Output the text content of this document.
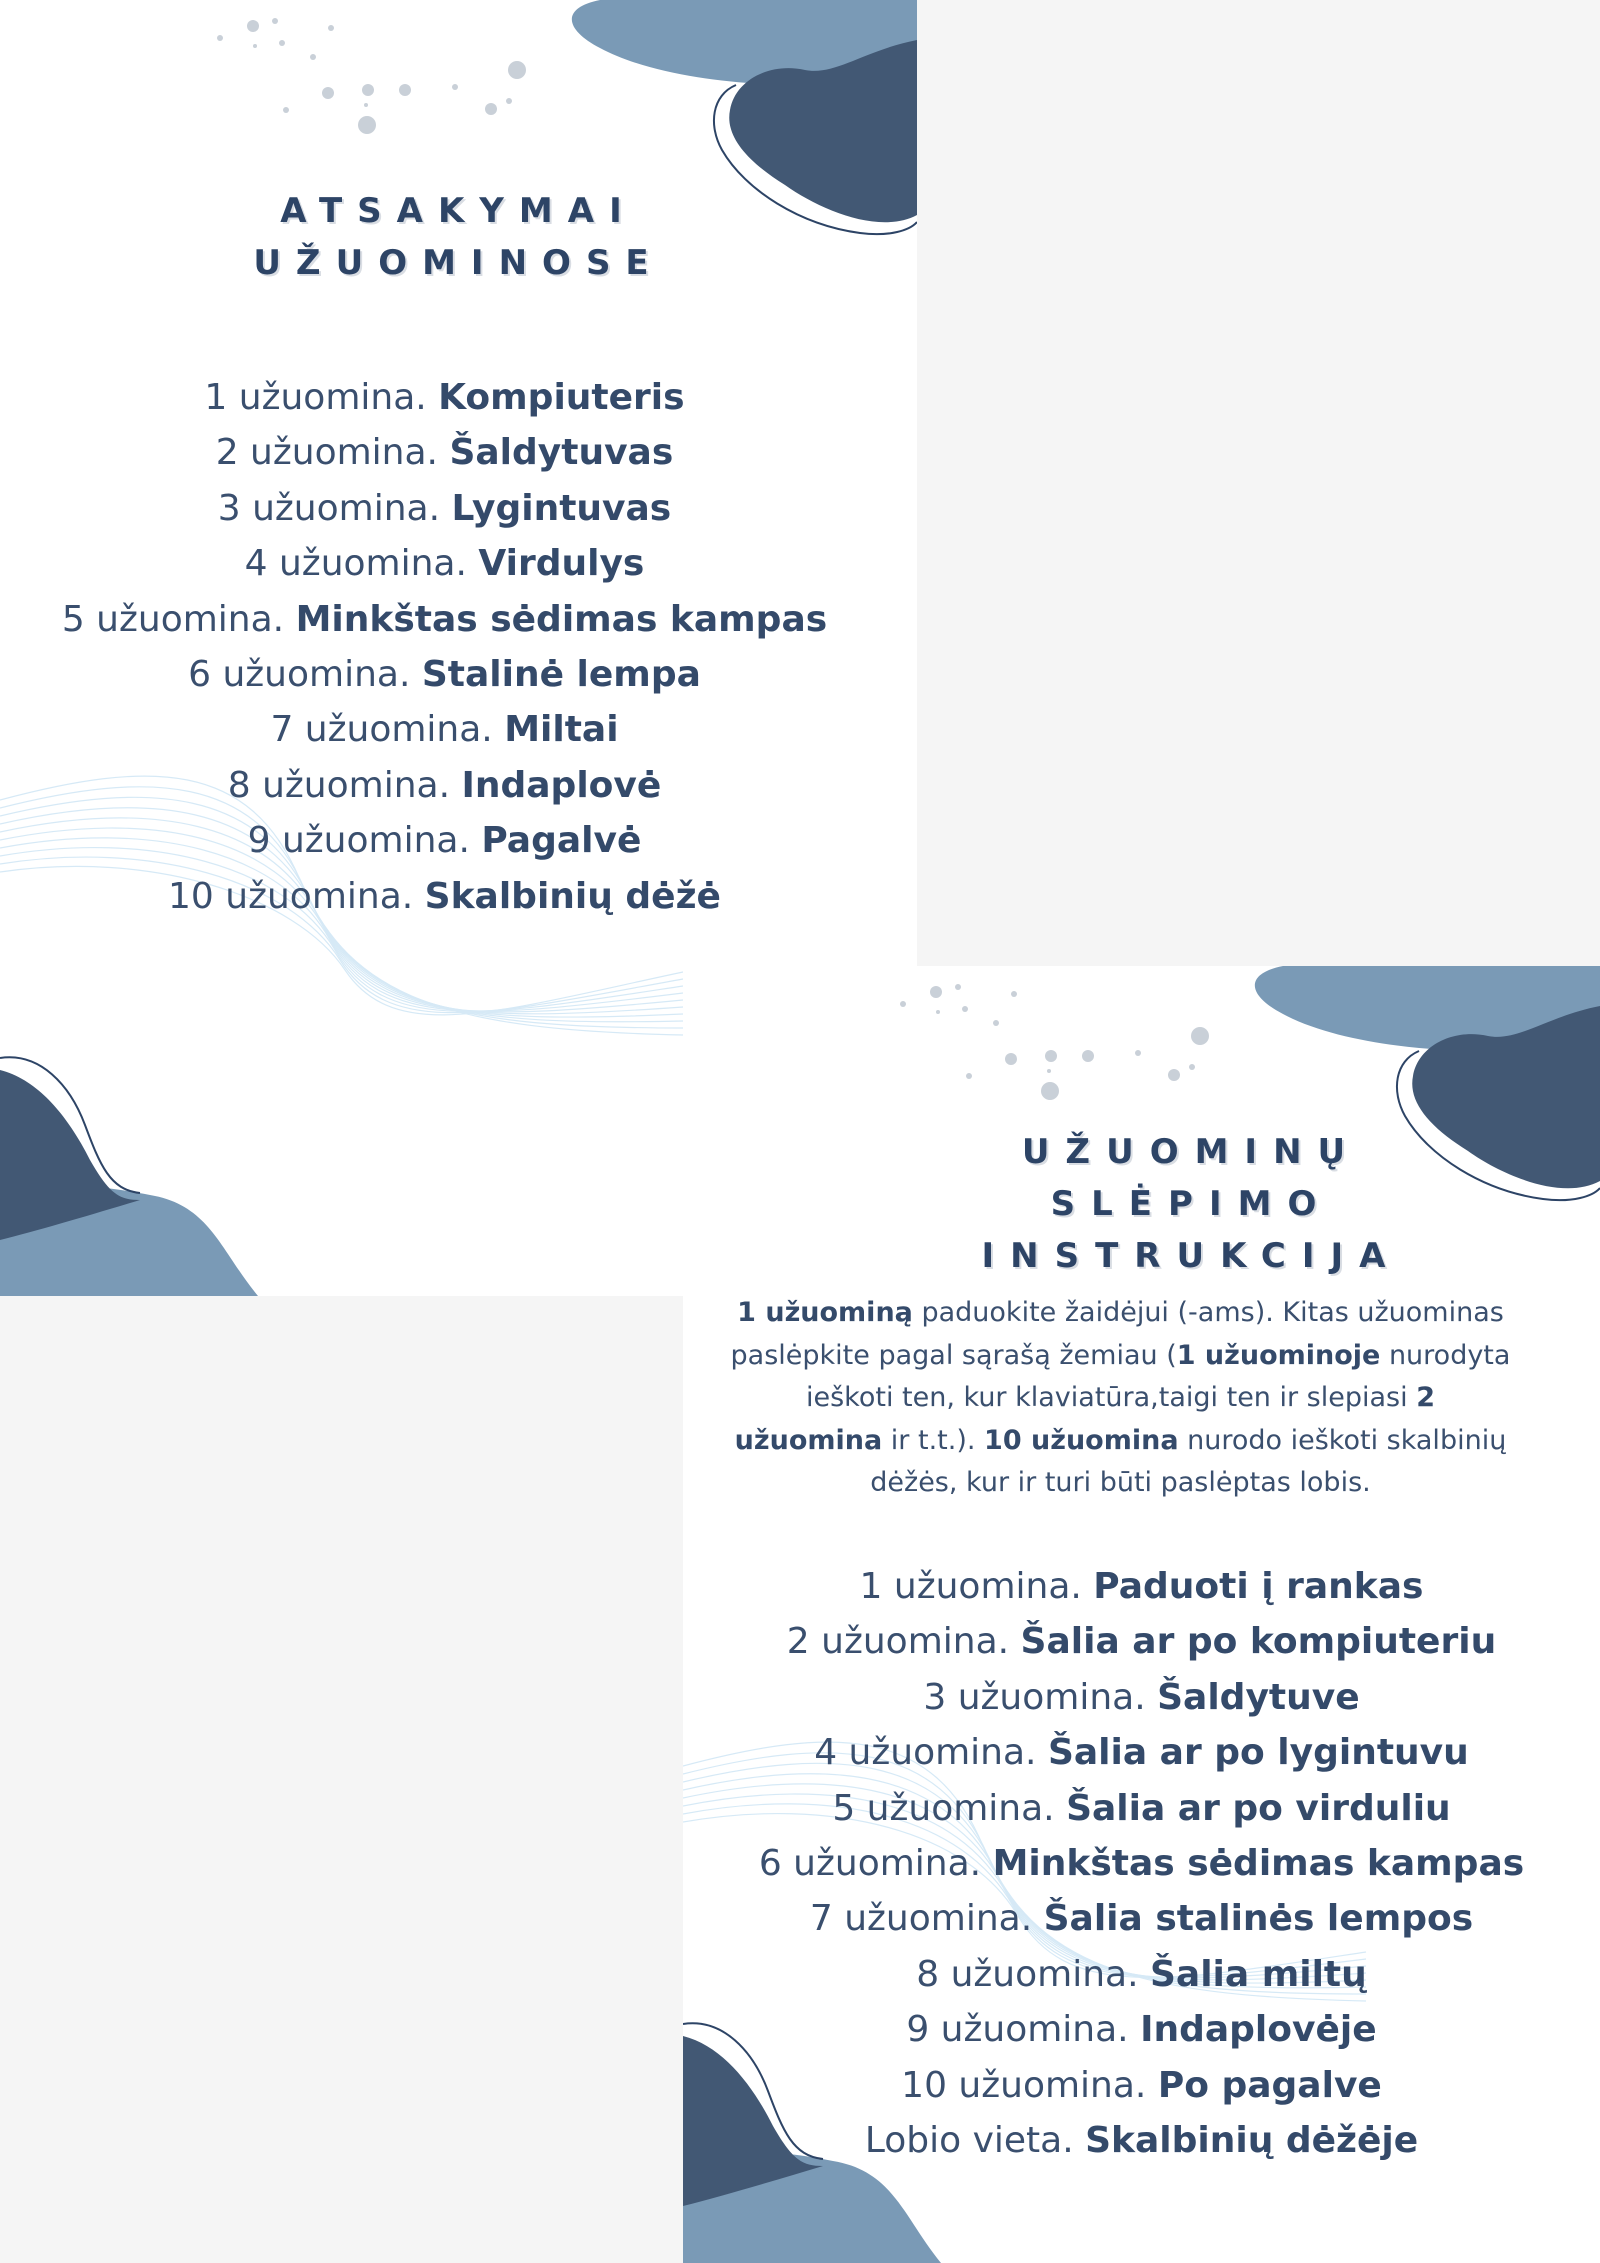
ATSAKYMAI
UŽUOMINOSE
1 užuomina. Kompiuteris
2 užuomina. Šaldytuvas
3 užuomina. Lygintuvas
4 užuomina. Virdulys
5 užuomina. Minkštas sėdimas kampas
6 užuomina. Stalinė lempa
7 užuomina. Miltai
8 užuomina. Indaplovė
9 užuomina. Pagalvė
10 užuomina. Skalbinių dėžė
UŽUOMINŲ
SLĖPIMO
INSTRUKCIJA

1 užuominą paduokite žaidėjui (-ams). Kitas užuominas paslėpkite pagal sąrašą žemiau (1 užuominoje nurodyta ieškoti ten, kur klaviatūra,taigi ten ir slepiasi 2 užuomina ir t.t.). 10 užuomina nurodo ieškoti skalbinių dėžės, kur ir turi būti paslėptas lobis.

1 užuomina. Paduoti į rankas
2 užuomina. Šalia ar po kompiuteriu
3 užuomina. Šaldytuve
4 užuomina. Šalia ar po lygintuvu
5 užuomina. Šalia ar po virduliu
6 užuomina. Minkštas sėdimas kampas
7 užuomina. Šalia stalinės lempos
8 užuomina. Šalia miltų
9 užuomina. Indaplovėje
10 užuomina. Po pagalve
Lobio vieta. Skalbinių dėžėje
